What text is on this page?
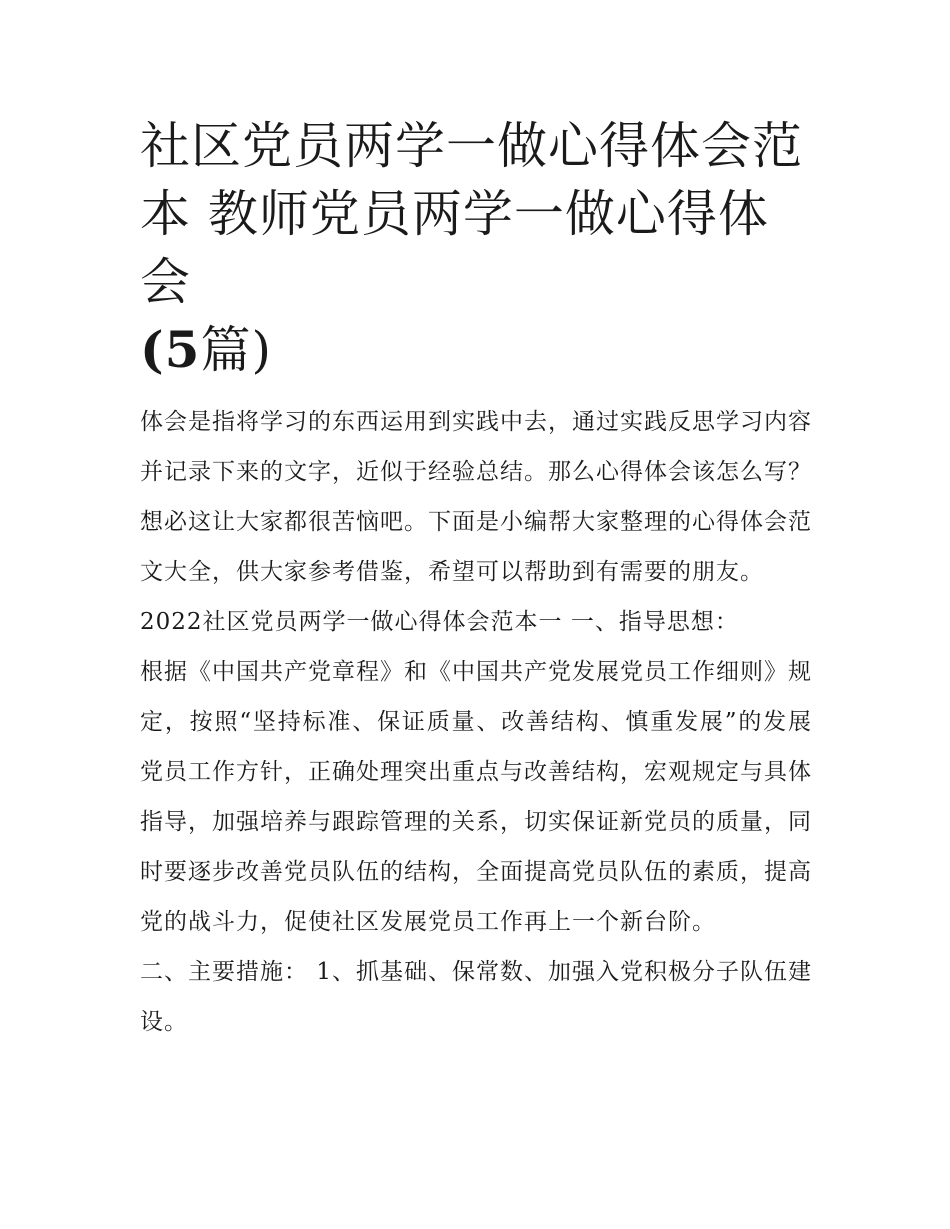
社区党员两学一做心得体会范
本 教师党员两学一做心得体会
(5篇)

体会是指将学习的东西运用到实践中去，通过实践反思学习内容并记录下来的文字，近似于经验总结。那么心得体会该怎么写？想必这让大家都很苦恼吧。下面是小编帮大家整理的心得体会范文大全，供大家参考借鉴，希望可以帮助到有需要的朋友。

2022社区党员两学一做心得体会范本一 一、指导思想：

根据《中国共产党章程》和《中国共产党发展党员工作细则》规定，按照“坚持标准、保证质量、改善结构、慎重发展”的发展党员工作方针，正确处理突出重点与改善结构，宏观规定与具体指导，加强培养与跟踪管理的关系，切实保证新党员的质量，同时要逐步改善党员队伍的结构，全面提高党员队伍的素质，提高党的战斗力，促使社区发展党员工作再上一个新台阶。

二、主要措施： 1、抓基础、保常数、加强入党积极分子队伍建设。
